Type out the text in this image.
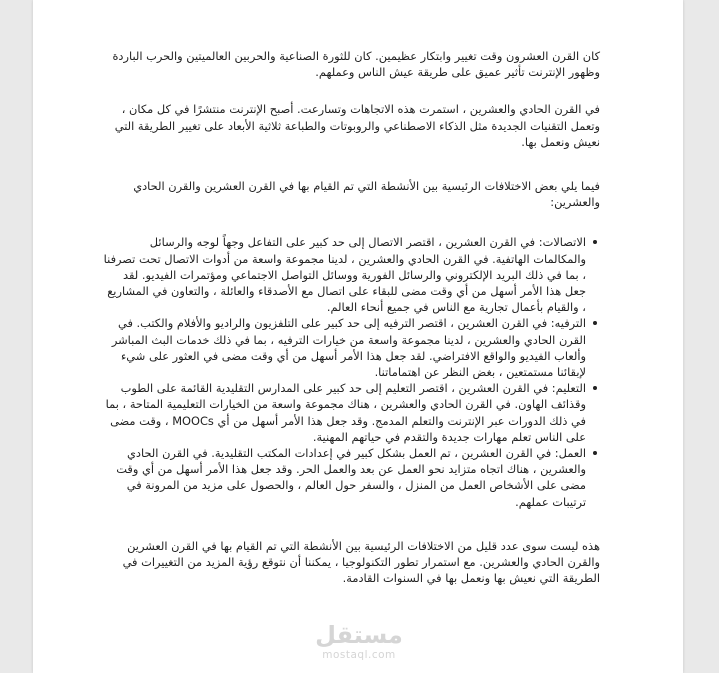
كان القرن العشرون وقت تغيير وابتكار عظيمين. كان للثورة الصناعية والحربين العالميتين والحرب الباردة وظهور الإنترنت تأثير عميق على طريقة عيش الناس وعملهم.

في القرن الحادي والعشرين ، استمرت هذه الاتجاهات وتسارعت. أصبح الإنترنت منتشرًا في كل مكان ، وتعمل التقنيات الجديدة مثل الذكاء الاصطناعي والروبوتات والطباعة ثلاثية الأبعاد على تغيير الطريقة التي نعيش ونعمل بها.

فيما يلي بعض الاختلافات الرئيسية بين الأنشطة التي تم القيام بها في القرن العشرين والقرن الحادي والعشرين:

الاتصالات: في القرن العشرين ، اقتصر الاتصال إلى حد كبير على التفاعل وجهاً لوجه والرسائل والمكالمات الهاتفية. في القرن الحادي والعشرين ، لدينا مجموعة واسعة من أدوات الاتصال تحت تصرفنا ، بما في ذلك البريد الإلكتروني والرسائل الفورية ووسائل التواصل الاجتماعي ومؤتمرات الفيديو. لقد جعل هذا الأمر أسهل من أي وقت مضى للبقاء على اتصال مع الأصدقاء والعائلة ، والتعاون في المشاريع ، والقيام بأعمال تجارية مع الناس في جميع أنحاء العالم.
الترفيه: في القرن العشرين ، اقتصر الترفيه إلى حد كبير على التلفزيون والراديو والأفلام والكتب. في القرن الحادي والعشرين ، لدينا مجموعة واسعة من خيارات الترفيه ، بما في ذلك خدمات البث المباشر وألعاب الفيديو والواقع الافتراضي. لقد جعل هذا الأمر أسهل من أي وقت مضى في العثور على شيء لإبقائنا مستمتعين ، بغض النظر عن اهتماماتنا.
التعليم: في القرن العشرين ، اقتصر التعليم إلى حد كبير على المدارس التقليدية القائمة على الطوب وقذائف الهاون. في القرن الحادي والعشرين ، هناك مجموعة واسعة من الخيارات التعليمية المتاحة ، بما في ذلك الدورات عبر الإنترنت والتعلم المدمج. وقد جعل هذا الأمر أسهل من أي MOOCs ، وقت مضى على الناس تعلم مهارات جديدة والتقدم في حياتهم المهنية.
العمل: في القرن العشرين ، تم العمل بشكل كبير في إعدادات المكتب التقليدية. في القرن الحادي والعشرين ، هناك اتجاه متزايد نحو العمل عن بعد والعمل الحر. وقد جعل هذا الأمر أسهل من أي وقت مضى على الأشخاص العمل من المنزل ، والسفر حول العالم ، والحصول على مزيد من المرونة في ترتيبات عملهم.

هذه ليست سوى عدد قليل من الاختلافات الرئيسية بين الأنشطة التي تم القيام بها في القرن العشرين والقرن الحادي والعشرين. مع استمرار تطور التكنولوجيا ، يمكننا أن نتوقع رؤية المزيد من التغييرات في الطريقة التي نعيش بها ونعمل بها في السنوات القادمة.

مستقل
mostaql.com
